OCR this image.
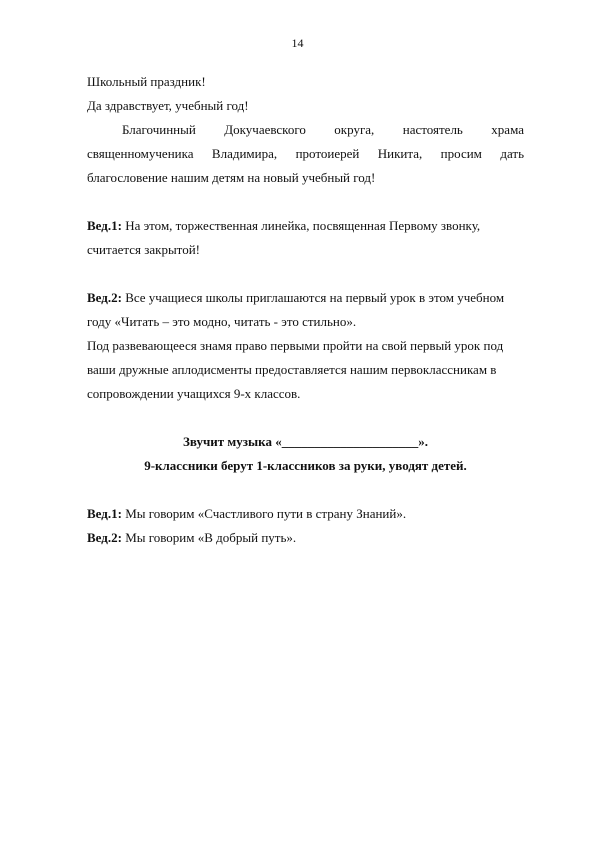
14
Школьный праздник!
Да здравствует, учебный год!
Благочинный Докучаевского округа, настоятель храма
священномученика Владимира, протоиерей Никита, просим дать
благословение нашим детям на новый учебный год!
Вед.1: На этом, торжественная линейка, посвященная Первому звонку,
считается закрытой!
Вед.2: Все учащиеся школы приглашаются на первый урок в этом учебном
году «Читать – это модно, читать - это стильно».
Под развевающееся знамя право первыми пройти на свой первый урок под
ваши дружные аплодисменты предоставляется нашим первоклассникам в
сопровождении учащихся 9-х классов.
Звучит музыка «_____________________».
9-классники берут 1-классников за руки, уводят детей.
Вед.1: Мы говорим «Счастливого пути в страну Знаний».
Вед.2: Мы говорим «В добрый путь».
